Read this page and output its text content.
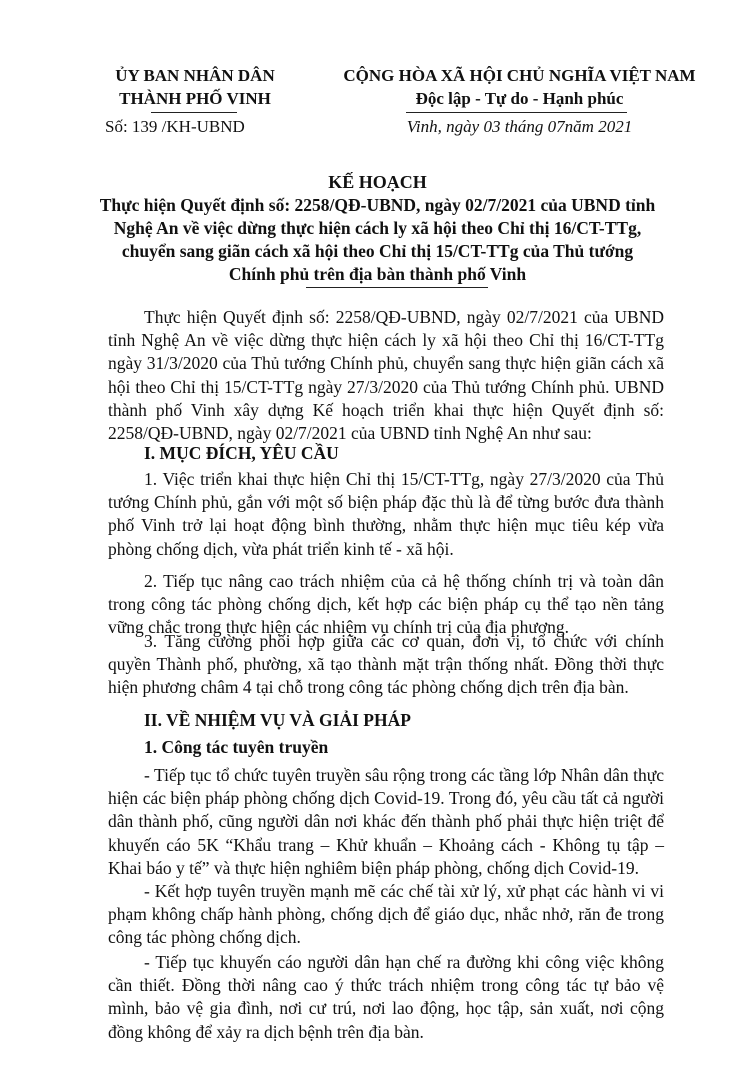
ỦY BAN NHÂN DÂN
THÀNH PHỐ VINH
Số: 139 /KH-UBND
CỘNG HÒA XÃ HỘI CHỦ NGHĨA VIỆT NAM
Độc lập - Tự do - Hạnh phúc
Vinh, ngày 03 tháng 07năm 2021
KẾ HOẠCH
Thực hiện Quyết định số: 2258/QĐ-UBND, ngày 02/7/2021 của UBND tỉnh
Nghệ An về việc dừng thực hiện cách ly xã hội theo Chỉ thị 16/CT-TTg,
chuyển sang giãn cách xã hội theo Chỉ thị 15/CT-TTg của Thủ tướng
Chính phủ trên địa bàn thành phố Vinh
Thực hiện Quyết định số: 2258/QĐ-UBND, ngày 02/7/2021 của UBND tỉnh Nghệ An về việc dừng thực hiện cách ly xã hội theo Chỉ thị 16/CT-TTg ngày 31/3/2020 của Thủ tướng Chính phủ, chuyển sang thực hiện giãn cách xã hội theo Chỉ thị 15/CT-TTg ngày 27/3/2020 của Thủ tướng Chính phủ. UBND thành phố Vinh xây dựng Kế hoạch triển khai thực hiện Quyết định số: 2258/QĐ-UBND, ngày 02/7/2021 của UBND tỉnh Nghệ An như sau:
I. MỤC ĐÍCH, YÊU CẦU
1. Việc triển khai thực hiện Chỉ thị 15/CT-TTg, ngày 27/3/2020 của Thủ tướng Chính phủ, gắn với một số biện pháp đặc thù là để từng bước đưa thành phố Vinh trở lại hoạt động bình thường, nhằm thực hiện mục tiêu kép vừa phòng chống dịch, vừa phát triển kinh tế - xã hội.
2. Tiếp tục nâng cao trách nhiệm của cả hệ thống chính trị và toàn dân trong công tác phòng chống dịch, kết hợp các biện pháp cụ thể tạo nền tảng vững chắc trong thực hiện các nhiệm vụ chính trị của địa phương.
3. Tăng cường phối hợp giữa các cơ quan, đơn vị, tổ chức với chính quyền Thành phố, phường, xã tạo thành mặt trận thống nhất. Đồng thời thực hiện phương châm 4 tại chỗ trong công tác phòng chống dịch trên địa bàn.
II. VỀ NHIỆM VỤ VÀ GIẢI PHÁP
1. Công tác tuyên truyền
- Tiếp tục tổ chức tuyên truyền sâu rộng trong các tầng lớp Nhân dân thực hiện các biện pháp phòng chống dịch Covid-19. Trong đó, yêu cầu tất cả người dân thành phố, cũng người dân nơi khác đến thành phố phải thực hiện triệt để khuyến cáo 5K “Khẩu trang – Khử khuẩn – Khoảng cách - Không tụ tập – Khai báo y tế” và thực hiện nghiêm biện pháp phòng, chống dịch Covid-19.
- Kết hợp tuyên truyền mạnh mẽ các chế tài xử lý, xử phạt các hành vi vi phạm không chấp hành phòng, chống dịch để giáo dục, nhắc nhở, răn đe trong công tác phòng chống dịch.
- Tiếp tục khuyến cáo người dân hạn chế ra đường khi công việc không cần thiết. Đồng thời nâng cao ý thức trách nhiệm trong công tác tự bảo vệ mình, bảo vệ gia đình, nơi cư trú, nơi lao động, học tập, sản xuất, nơi cộng đồng không để xảy ra dịch bệnh trên địa bàn.
